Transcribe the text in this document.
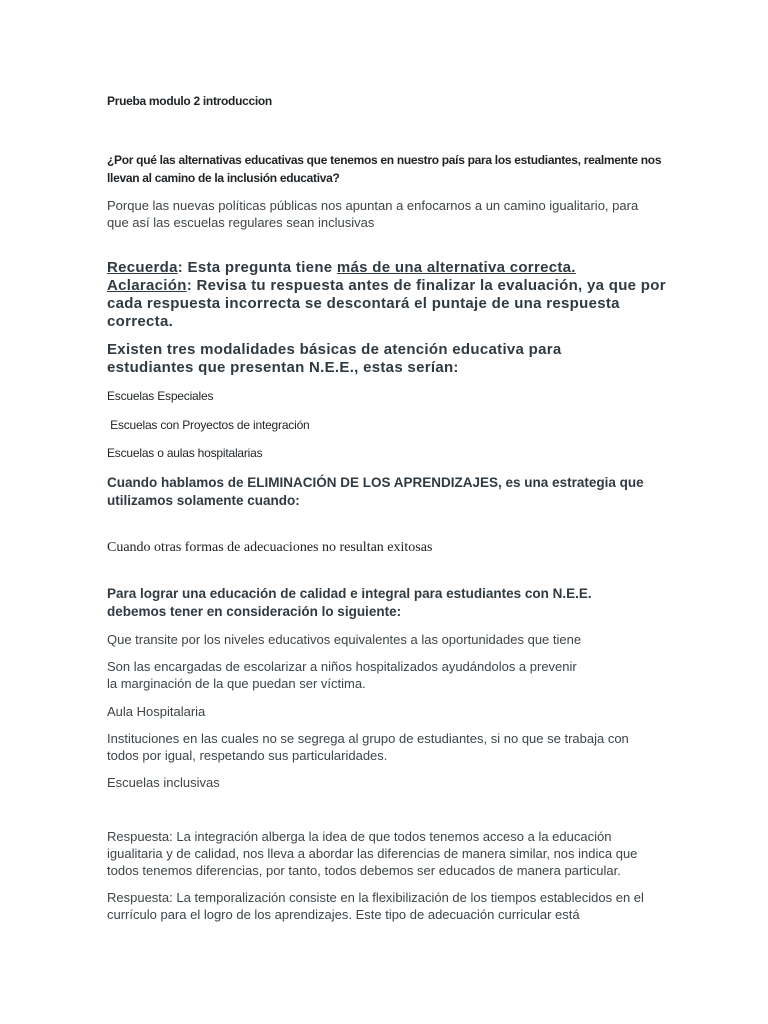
Prueba modulo 2 introduccion

¿Por qué las alternativas educativas que tenemos en nuestro país para los estudiantes, realmente nos llevan al camino de la inclusión educativa?

Porque las nuevas políticas públicas nos apuntan a enfocarnos a un camino igualitario, para que así las escuelas regulares sean inclusivas

Recuerda: Esta pregunta tiene más de una alternativa correcta.
Aclaración: Revisa tu respuesta antes de finalizar la evaluación, ya que por cada respuesta incorrecta se descontará el puntaje de una respuesta correcta.

Existen tres modalidades básicas de atención educativa para estudiantes que presentan N.E.E., estas serían:

Escuelas Especiales

Escuelas con Proyectos de integración

Escuelas o aulas hospitalarias

Cuando hablamos de ELIMINACIÓN DE LOS APRENDIZAJES, es una estrategia que utilizamos solamente cuando:

Cuando otras formas de adecuaciones no resultan exitosas

Para lograr una educación de calidad e integral para estudiantes con N.E.E. debemos tener en consideración lo siguiente:

Que transite por los niveles educativos equivalentes a las oportunidades que tiene

Son las encargadas de escolarizar a niños hospitalizados ayudándolos a prevenir la marginación de la que puedan ser víctima.

Aula Hospitalaria

Instituciones en las cuales no se segrega al grupo de estudiantes, si no que se trabaja con todos por igual, respetando sus particularidades.

Escuelas inclusivas

Respuesta: La integración alberga la idea de que todos tenemos acceso a la educación igualitaria y de calidad, nos lleva a abordar las diferencias de manera similar, nos indica que todos tenemos diferencias, por tanto, todos debemos ser educados de manera particular.

Respuesta: La temporalización consiste en la flexibilización de los tiempos establecidos en el currículo para el logro de los aprendizajes. Este tipo de adecuación curricular está
